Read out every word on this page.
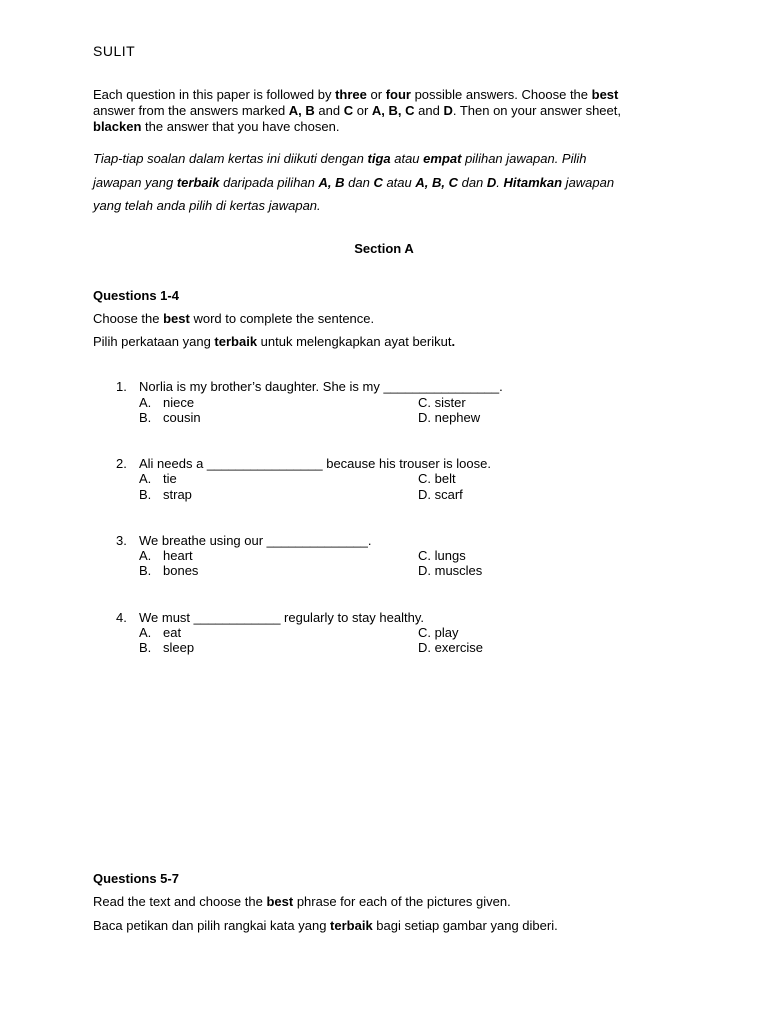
SULIT
Each question in this paper is followed by three or four possible answers. Choose the best
answer from the answers marked A, B and C or A, B, C and D. Then on your answer sheet,
blacken the answer that you have chosen.
Tiap-tiap soalan dalam kertas ini diikuti dengan tiga atau empat pilihan jawapan. Pilih
jawapan yang terbaik daripada pilihan A, B dan C atau A, B, C dan D. Hitamkan jawapan
yang telah anda pilih di kertas jawapan.
Section A
Questions 1-4
Choose the best word to complete the sentence.
Pilih perkataan yang terbaik untuk melengkapkan ayat berikut.
1. Norlia is my brother’s daughter. She is my ________________.
A. niece	C. sister
B. cousin	D. nephew
2. Ali needs a ________________ because his trouser is loose.
A. tie	C. belt
B. strap	D. scarf
3. We breathe using our ______________.
A. heart	C. lungs
B. bones	D. muscles
4. We must ____________ regularly to stay healthy.
A. eat	C. play
B. sleep	D. exercise
Questions 5-7
Read the text and choose the best phrase for each of the pictures given.
Baca petikan dan pilih rangkai kata yang terbaik bagi setiap gambar yang diberi.
